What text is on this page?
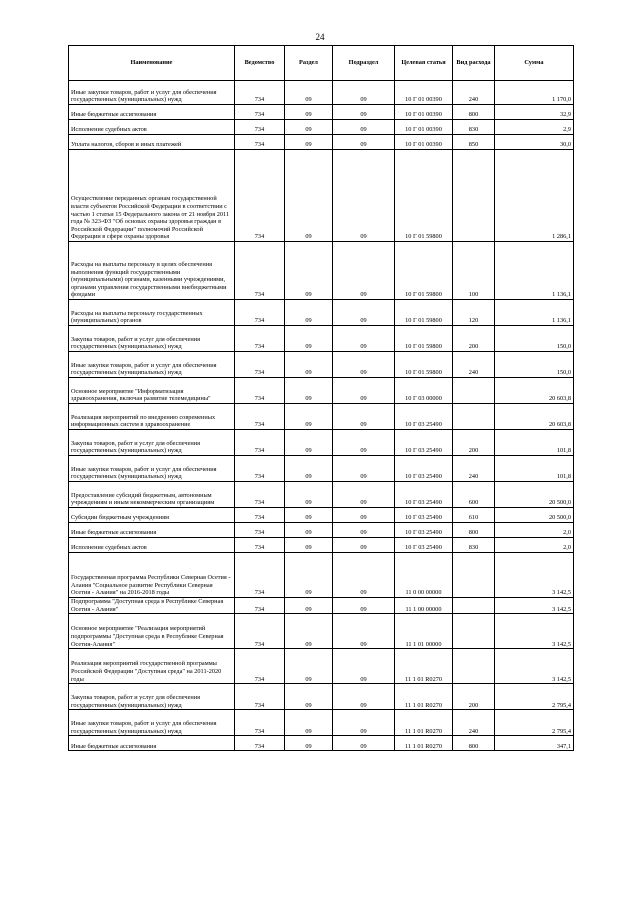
24
Наименование	Ведомство	Раздел	Подраздел	Целевая статья	Вид расхода	Сумма
Иные закупки товаров, работ и услуг для обеспечения государственных (муниципальных) нужд	734	09	09	10 Г 01 00390	240	1 170,0
Иные бюджетные ассигнования	734	09	09	10 Г 01 00390	800	32,9
Исполнение судебных актов	734	09	09	10 Г 01 00390	830	2,9
Уплата налогов, сборов и иных платежей	734	09	09	10 Г 01 00390	850	30,0
Осуществление переданных органам государственной власти субъектов Российской Федерации в соответствии с частью 1 статьи 15 Федерального закона от 21 ноября 2011 года № 323-ФЗ "Об основах охраны здоровья граждан в Российской Федерации" полномочий Российской Федерации в сфере охраны здоровья	734	09	09	10 Г 01 59800		1 286,1
Расходы на выплаты персоналу в целях обеспечения выполнения функций государственными (муниципальными) органами, казенными учреждениями, органами управления государственными внебюджетными фондами	734	09	09	10 Г 01 59800	100	1 136,1
Расходы на выплаты персоналу государственных (муниципальных) органов	734	09	09	10 Г 01 59800	120	1 136,1
Закупка товаров, работ и услуг для обеспечения государственных (муниципальных) нужд	734	09	09	10 Г 01 59800	200	150,0
Иные закупки товаров, работ и услуг для обеспечения государственных (муниципальных) нужд	734	09	09	10 Г 01 59800	240	150,0
Основное мероприятие "Информатизация здравоохранения, включая развитие телемедицины"	734	09	09	10 Г 03 00000		20 603,8
Реализация мероприятий по внедрению современных информационных систем в здравоохранение	734	09	09	10 Г 03 25490		20 603,8
Закупка товаров, работ и услуг для обеспечения государственных (муниципальных) нужд	734	09	09	10 Г 03 25490	200	101,8
Иные закупки товаров, работ и услуг для обеспечения государственных (муниципальных) нужд	734	09	09	10 Г 03 25490	240	101,8
Предоставление субсидий бюджетным, автономным учреждениям и иным некоммерческим организациям	734	09	09	10 Г 03 25490	600	20 500,0
Субсидии бюджетным учреждениям	734	09	09	10 Г 03 25490	610	20 500,0
Иные бюджетные ассигнования	734	09	09	10 Г 03 25490	800	2,0
Исполнение судебных актов	734	09	09	10 Г 03 25490	830	2,0
Государственная программа Республики Северная Осетия - Алания "Социальное развитие Республики Северная Осетия - Алания" на 2016-2018 годы	734	09	09	11 0 00 00000		3 142,5
Подпрограмма "Доступная среда в Республике Северная Осетия - Алания"	734	09	09	11 1 00 00000		3 142,5
Основное мероприятие "Реализация мероприятий подпрограммы "Доступная среда в Республике Северная Осетия-Алания"	734	09	09	11 1 01 00000		3 142,5
Реализация мероприятий государственной программы Российской Федерации "Доступная среда" на 2011-2020 годы	734	09	09	11 1 01 R0270		3 142,5
Закупка товаров, работ и услуг для обеспечения государственных (муниципальных) нужд	734	09	09	11 1 01 R0270	200	2 795,4
Иные закупки товаров, работ и услуг для обеспечения государственных (муниципальных) нужд	734	09	09	11 1 01 R0270	240	2 795,4
Иные бюджетные ассигнования	734	09	09	11 1 01 R0270	800	347,1
